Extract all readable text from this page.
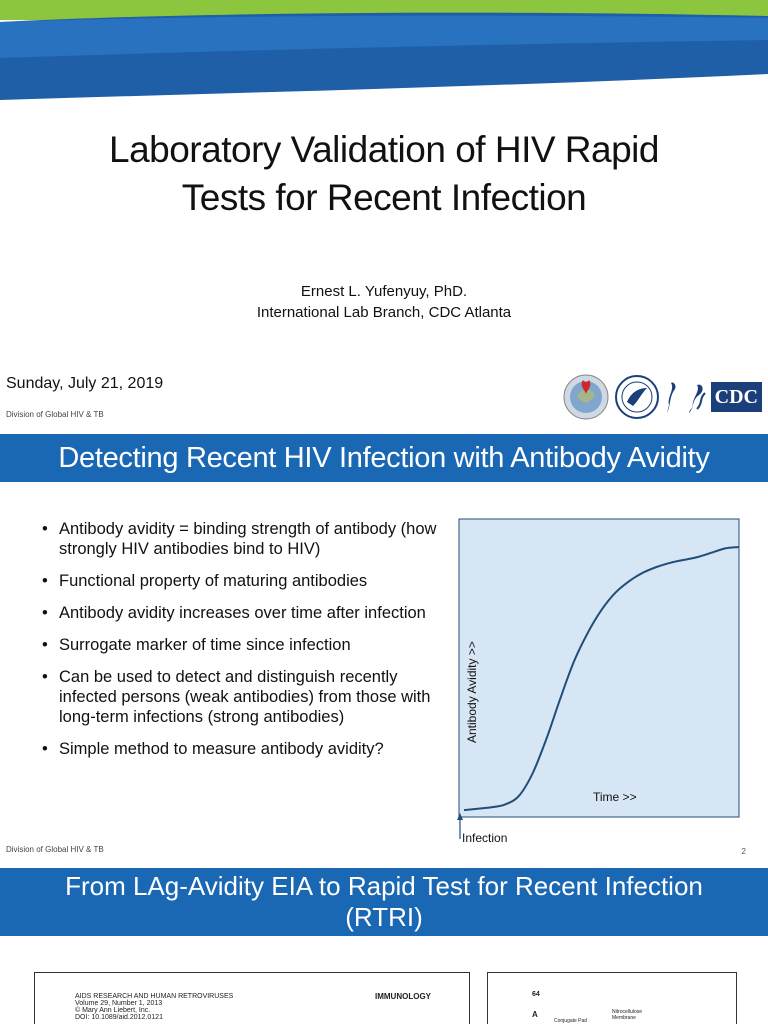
Laboratory Validation of HIV Rapid
Tests for Recent Infection
Ernest L. Yufenyuy, PhD.
International Lab Branch, CDC Atlanta
Sunday, July 21, 2019
Division of Global HIV & TB
CDC
Detecting Recent HIV Infection with Antibody Avidity
• Antibody avidity = binding strength of antibody (how strongly HIV antibodies bind to HIV)
• Functional property of maturing antibodies
• Antibody avidity increases over time after infection
• Surrogate marker of time since infection
• Can be used to detect and distinguish recently infected persons (weak antibodies) from those with long-term infections (strong antibodies)
• Simple method to measure antibody avidity?
Antibody Avidity >>
Time >>
Infection
Division of Global HIV & TB	2
From LAg-Avidity EIA to Rapid Test for Recent Infection
(RTRI)
AIDS RESEARCH AND HUMAN RETROVIRUSES
Volume 29, Number 1, 2013
© Mary Ann Liebert, Inc.
DOI: 10.1089/aid.2012.0121
IMMUNOLOGY	64
A
Conjugate Pad
Nitrocellulose Membrane
